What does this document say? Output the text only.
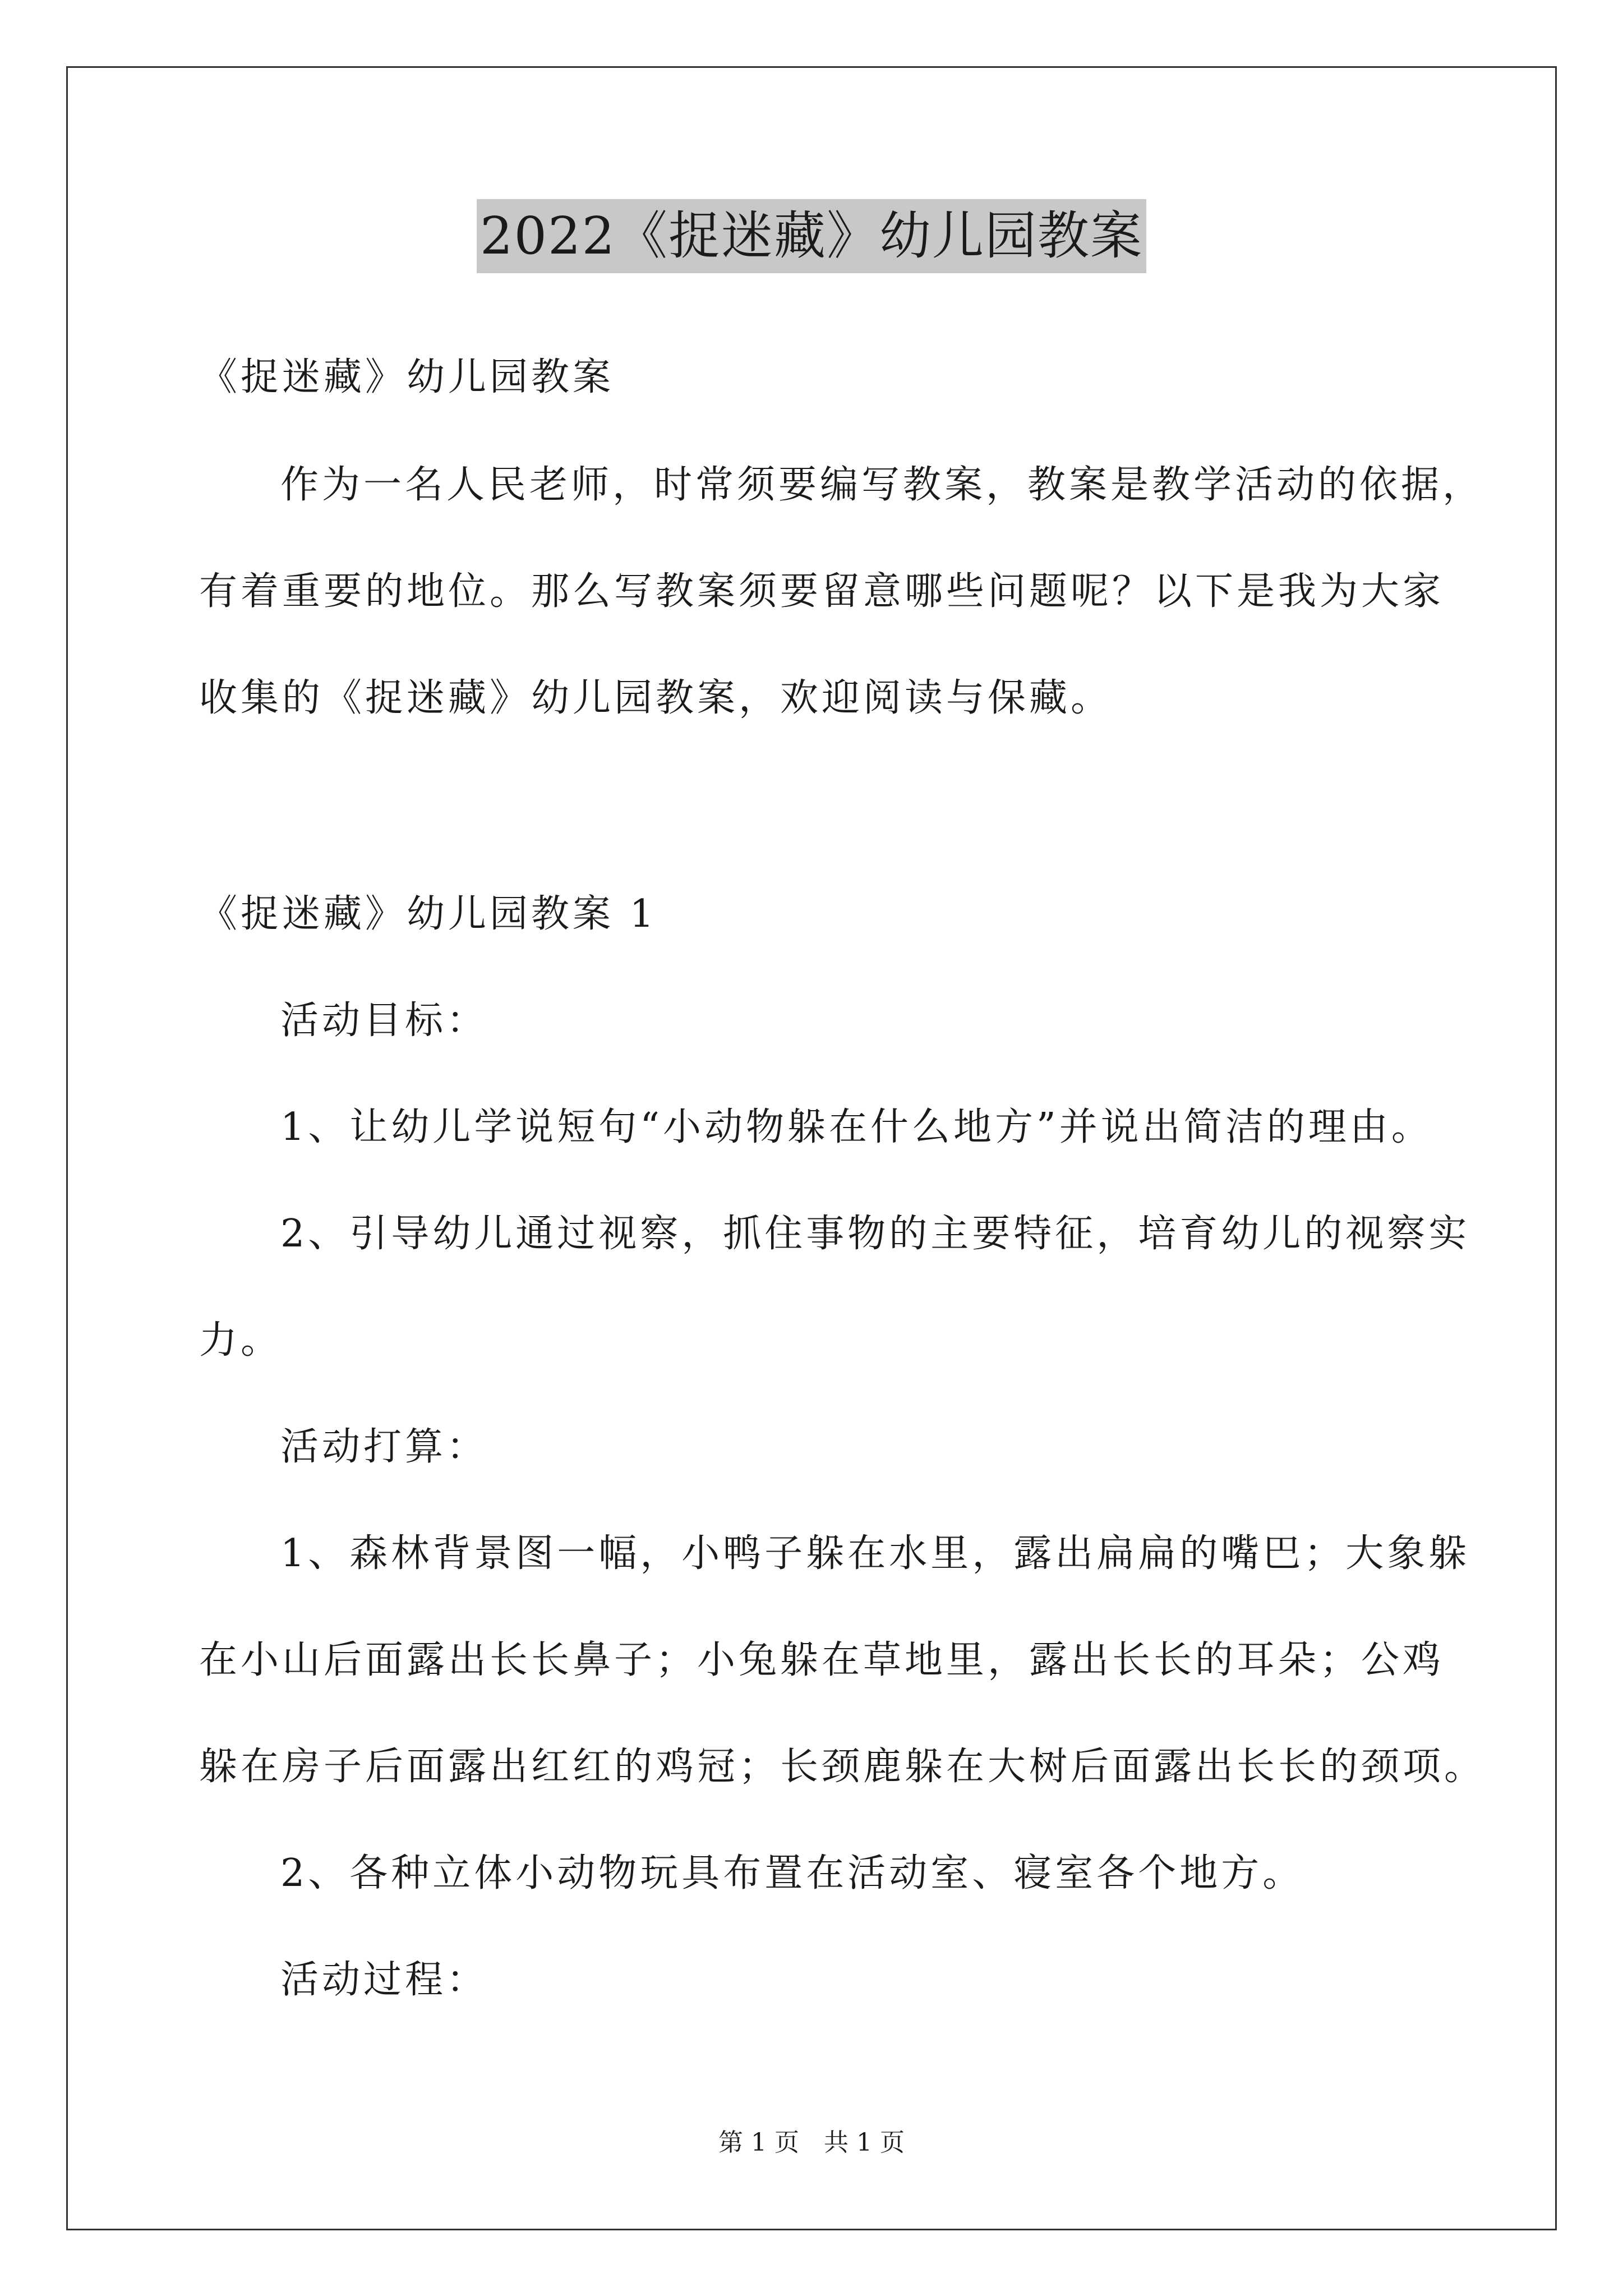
2022《捉迷藏》幼儿园教案
《捉迷藏》幼儿园教案
作为一名人民老师，时常须要编写教案，教案是教学活动的依据，
有着重要的地位。那么写教案须要留意哪些问题呢？以下是我为大家
收集的《捉迷藏》幼儿园教案，欢迎阅读与保藏。
《捉迷藏》幼儿园教案 1
活动目标：
1、让幼儿学说短句“小动物躲在什么地方”并说出简洁的理由。
2、引导幼儿通过视察，抓住事物的主要特征，培育幼儿的视察实
力。
活动打算：
1、森林背景图一幅，小鸭子躲在水里，露出扁扁的嘴巴；大象躲
在小山后面露出长长鼻子；小兔躲在草地里，露出长长的耳朵；公鸡
躲在房子后面露出红红的鸡冠；长颈鹿躲在大树后面露出长长的颈项。
2、各种立体小动物玩具布置在活动室、寝室各个地方。
活动过程：
第 1 页　共 1 页
